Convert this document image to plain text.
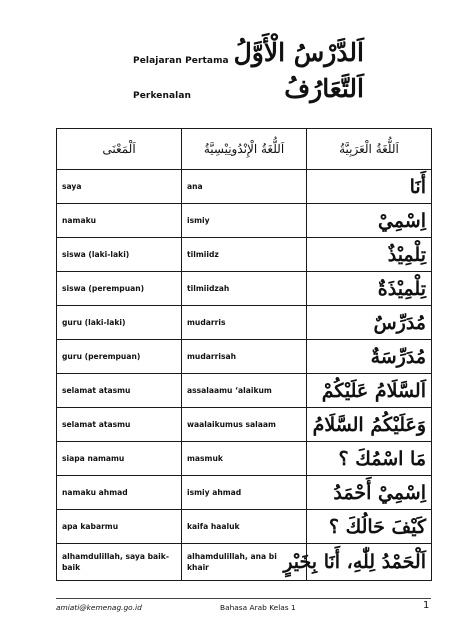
Pelajaran Pertama اَلدَّرْسُ الْأَوَّلُ
Perkenalan	اَلتَّعَارُفُ
اَلْمَعْنَى	اَللُّغَةُ الْإِنْدُونِيْسِيَّةُ	اَللُّغَةُ الْعَرَبِيَّةُ
saya	ana	أَنَا
namaku	ismiy	اِسْمِيْ
siswa (laki-laki)	tilmiidz	تِلْمِيْذٌ
siswa (perempuan)	tilmiidzah	تِلْمِيْذَةٌ
guru (laki-laki)	mudarris	مُدَرِّسٌ
guru (perempuan)	mudarrisah	مُدَرِّسَةٌ
selamat atasmu	assalaamu ‘alaikum	اَلسَّلَامُ عَلَيْكُمْ
selamat atasmu	waalaikumus salaam	وَعَلَيْكُمُ السَّلَامُ
siapa namamu	masmuk	مَا اسْمُكَ ؟
namaku ahmad	ismiy ahmad	اِسْمِيْ أَحْمَدُ
apa kabarmu	kaifa haaluk	كَيْفَ حَالُكَ ؟
alhamdulillah, saya baik-baik	alhamdulillah, ana bi khair	اَلْحَمْدُ لِلّٰهِ، أَنَا بِخَيْرٍ
amiati@kemenag.go.id	Bahasa Arab Kelas 1	1
